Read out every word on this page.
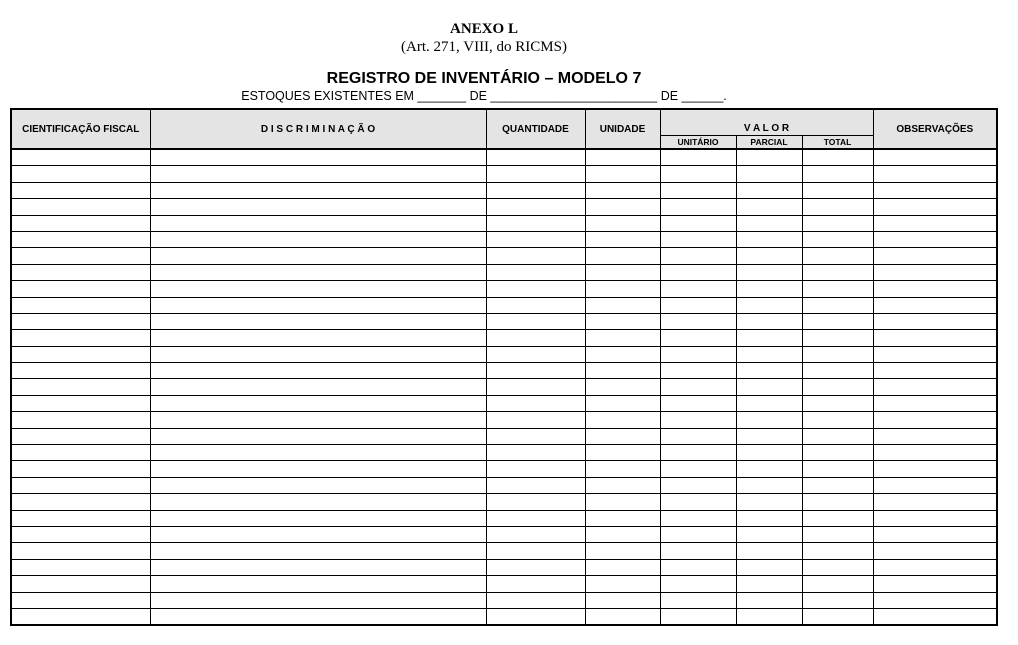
ANEXO L
(Art. 271, VIII, do RICMS)
REGISTRO DE INVENTÁRIO – MODELO 7
ESTOQUES EXISTENTES EM _______ DE ________________________ DE ______.
CIENTIFICAÇÃO FISCAL	D I S C R I M I N A Ç Ã O	QUANTIDADE	UNIDADE	V A L O R			OBSERVAÇÕES
				UNITÁRIO	PARCIAL	TOTAL	
